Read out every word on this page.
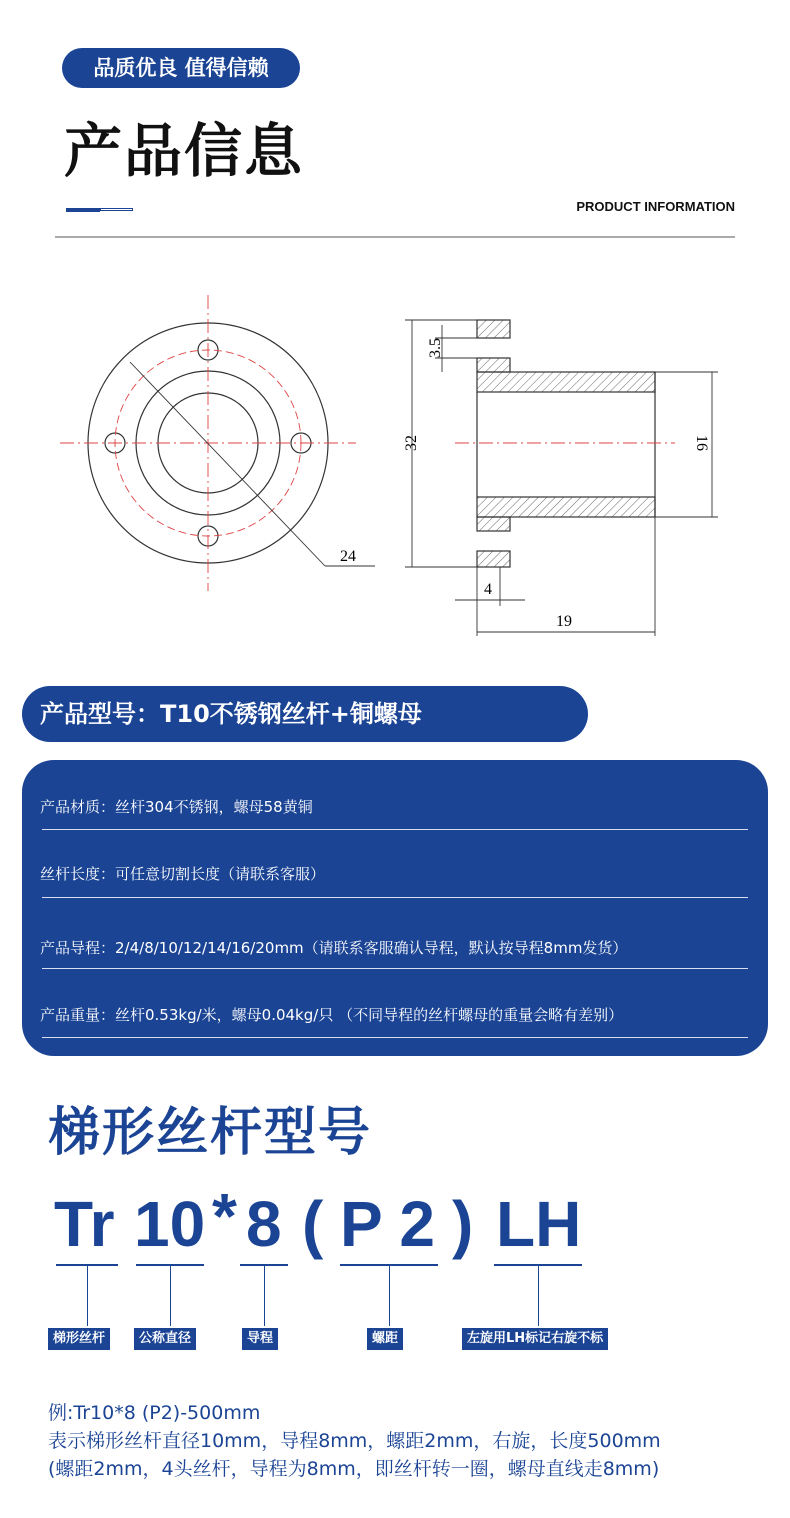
品质优良 值得信赖
产品信息
PRODUCT INFORMATION
24
32
3.5
16
4
19
产品型号：T10不锈钢丝杆+铜螺母
产品材质：丝杆304不锈钢，螺母58黄铜
丝杆长度：可任意切割长度（请联系客服）
产品导程：2/4/8/10/12/14/16/20mm（请联系客服确认导程，默认按导程8mm发货）
产品重量：丝杆0.53kg/米，螺母0.04kg/只 （不同导程的丝杆螺母的重量会略有差别）
梯形丝杆型号
Tr 10 * 8 ( P 2 ) LH
梯形丝杆	公称直径	导程	螺距	左旋用LH标记右旋不标
例:Tr10*8 (P2)-500mm
表示梯形丝杆直径10mm，导程8mm，螺距2mm，右旋，长度500mm
(螺距2mm，4头丝杆，导程为8mm，即丝杆转一圈，螺母直线走8mm)
